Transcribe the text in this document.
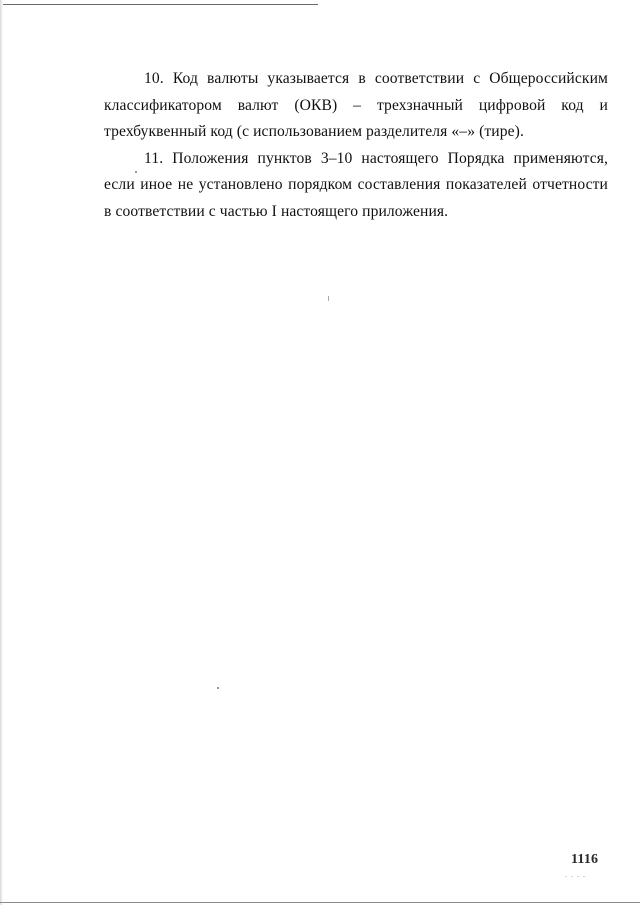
10. Код валюты указывается в соответствии с Общероссийским классификатором валют (ОКВ) – трехзначный цифровой код и трехбуквенный код (с использованием разделителя «–» (тире).

11. Положения пунктов 3–10 настоящего Порядка применяются, если иное не установлено порядком составления показателей отчетности в соответствии с частью I настоящего приложения.

1116
. . . .
